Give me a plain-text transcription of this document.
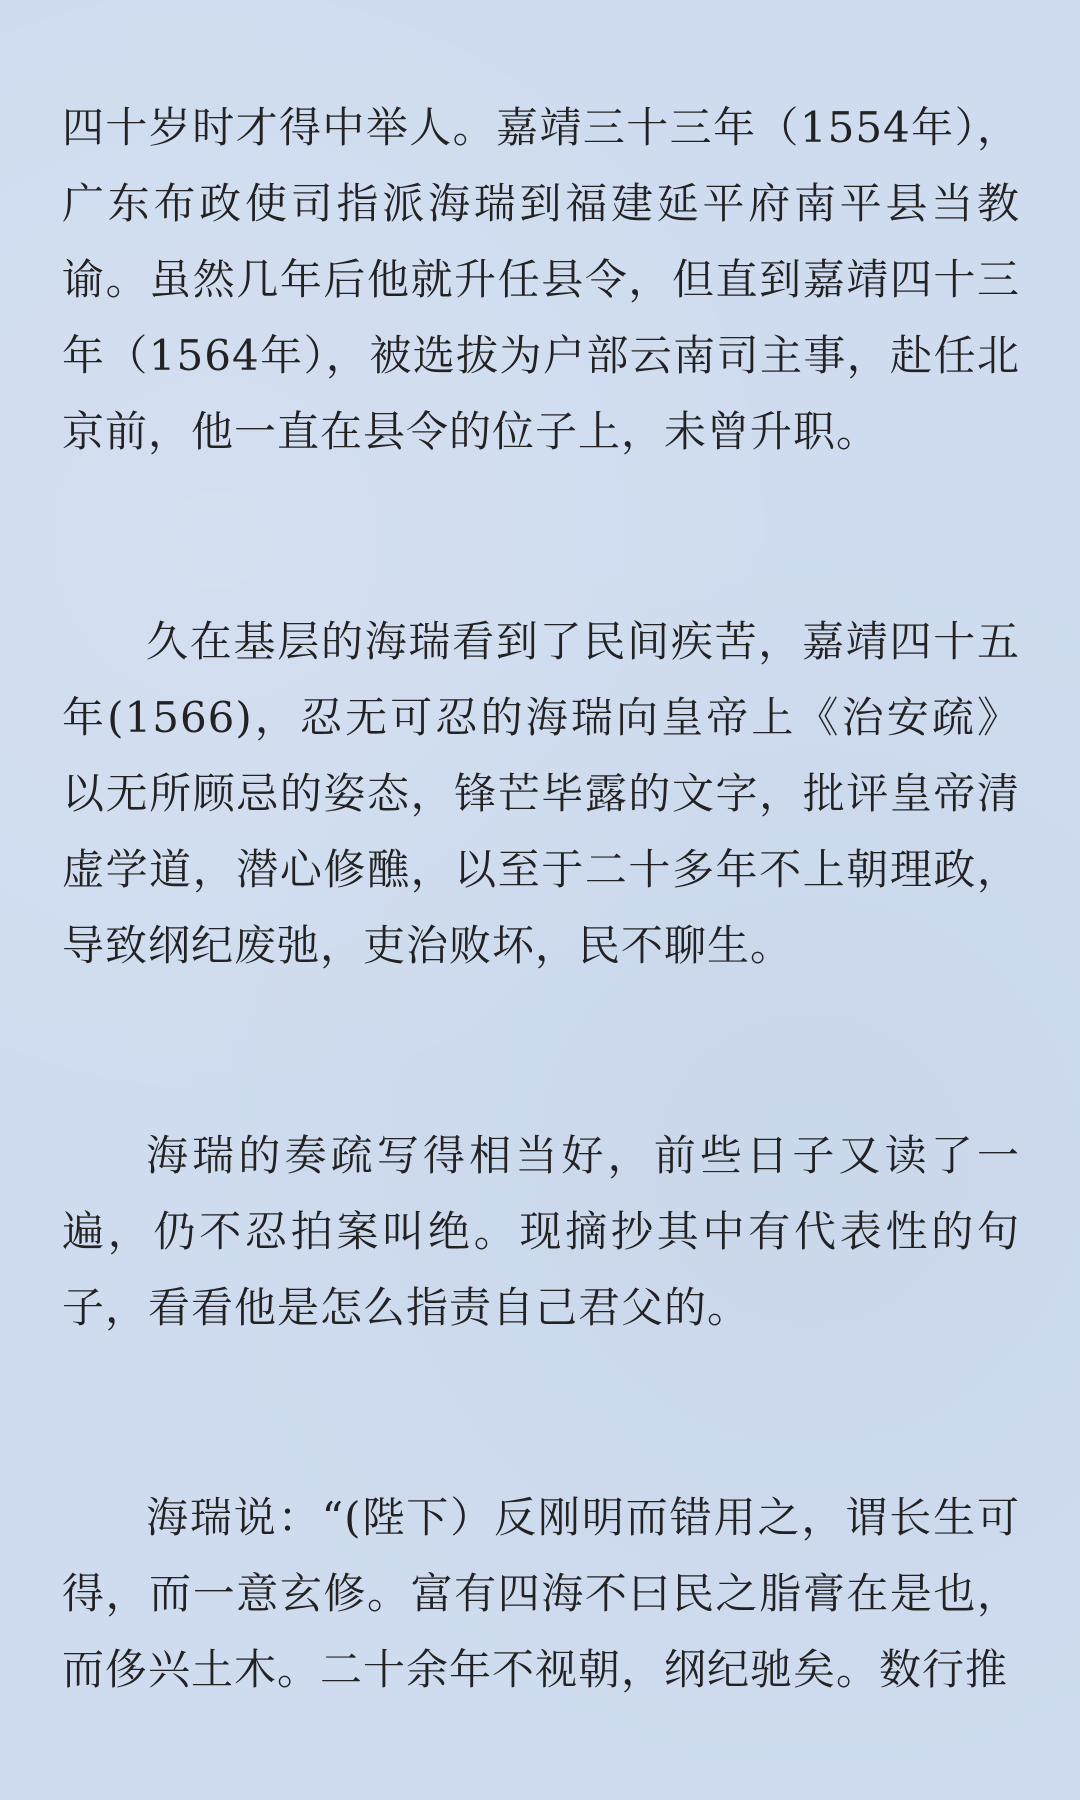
四十岁时才得中举人。嘉靖三十三年（1554年），广东布政使司指派海瑞到福建延平府南平县当教谕。虽然几年后他就升任县令，但直到嘉靖四十三年（1564年），被选拔为户部云南司主事，赴任北京前，他一直在县令的位子上，未曾升职。

久在基层的海瑞看到了民间疾苦，嘉靖四十五年(1566)，忍无可忍的海瑞向皇帝上《治安疏》以无所顾忌的姿态，锋芒毕露的文字，批评皇帝清虚学道，潜心修醮，以至于二十多年不上朝理政，导致纲纪废弛，吏治败坏，民不聊生。

海瑞的奏疏写得相当好，前些日子又读了一遍，仍不忍拍案叫绝。现摘抄其中有代表性的句子，看看他是怎么指责自己君父的。

海瑞说：“(陛下）反刚明而错用之，谓长生可得，而一意玄修。富有四海不曰民之脂膏在是也，而侈兴土木。二十余年不视朝，纲纪驰矣。数行推
